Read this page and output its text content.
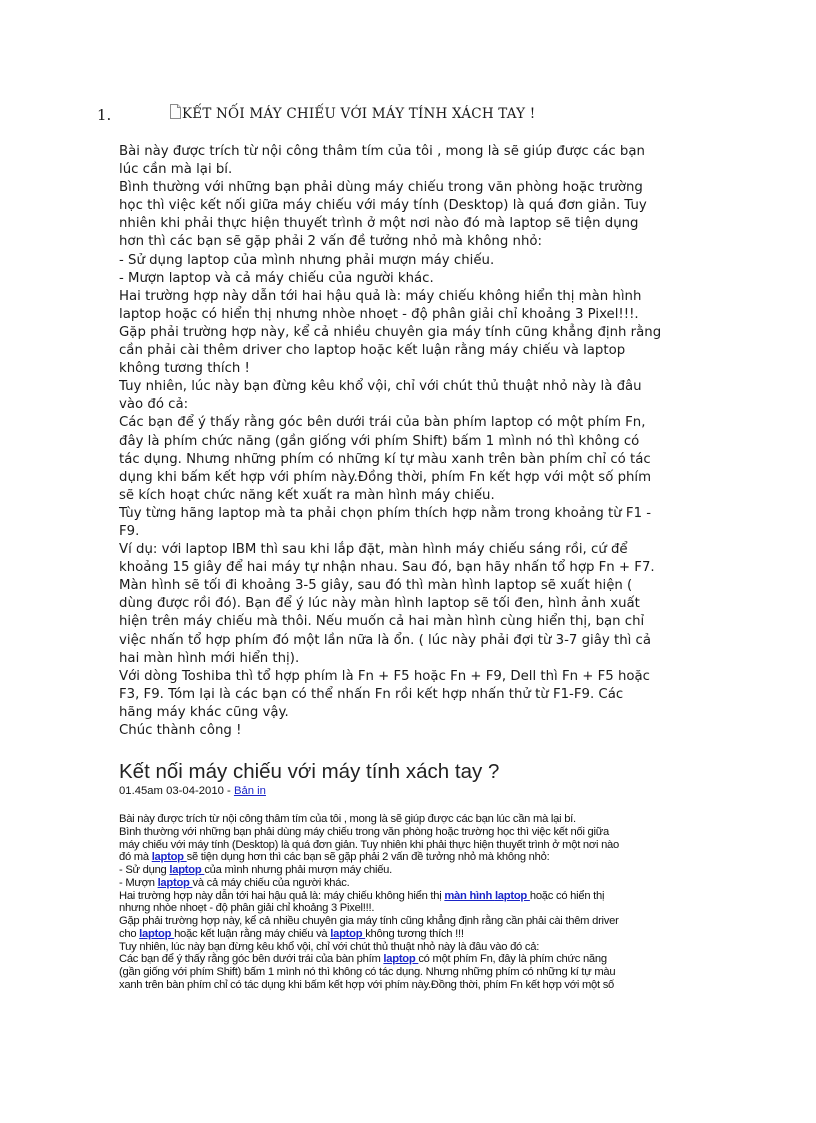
1.	KẾT NỐI MÁY CHIẾU VỚI MÁY TÍNH XÁCH TAY !

Bài này được trích từ nội công thâm tím của tôi , mong là sẽ giúp được các bạn

lúc cần mà lại bí.

Bình thường với những bạn phải dùng máy chiếu trong văn phòng hoặc trường

học thì việc kết nối giữa máy chiếu với máy tính (Desktop) là quá đơn giản. Tuy

nhiên khi phải thực hiện thuyết trình ở một nơi nào đó mà laptop sẽ tiện dụng

hơn thì các bạn sẽ gặp phải 2 vấn đề tưởng nhỏ mà không nhỏ:

- Sử dụng laptop của mình nhưng phải mượn máy chiếu.

- Mượn laptop và cả máy chiếu của người khác.

Hai trường hợp này dẫn tới hai hậu quả là: máy chiếu không hiển thị màn hình

laptop hoặc có hiển thị nhưng nhòe nhoẹt - độ phân giải chỉ khoảng 3 Pixel!!!.

Gặp phải trường hợp này, kể cả nhiều chuyên gia máy tính cũng khẳng định rằng

cần phải cài thêm driver cho laptop hoặc kết luận rằng máy chiếu và laptop

không tương thích !

Tuy nhiên, lúc này bạn đừng kêu khổ vội, chỉ với chút thủ thuật nhỏ này là đâu

vào đó cả:

Các bạn để ý thấy rằng góc bên dưới trái của bàn phím laptop có một phím Fn,

đây là phím chức năng (gần giống với phím Shift) bấm 1 mình nó thì không có

tác dụng. Nhưng những phím có những kí tự màu xanh trên bàn phím chỉ có tác

dụng khi bấm kết hợp với phím này.Đồng thời, phím Fn kết hợp với một số phím

sẽ kích hoạt chức năng kết xuất ra màn hình máy chiếu.

Tùy từng hãng laptop mà ta phải chọn phím thích hợp nằm trong khoảng từ F1 -

F9.

Ví dụ: với laptop IBM thì sau khi lắp đặt, màn hình máy chiếu sáng rồi, cứ để

khoảng 15 giây để hai máy tự nhận nhau. Sau đó, bạn hãy nhấn tổ hợp Fn + F7.

Màn hình sẽ tối đi khoảng 3-5 giây, sau đó thì màn hình laptop sẽ xuất hiện (

dùng được rồi đó). Bạn để ý lúc này màn hình laptop sẽ tối đen, hình ảnh xuất

hiện trên máy chiếu mà thôi. Nếu muốn cả hai màn hình cùng hiển thị, bạn chỉ

việc nhấn tổ hợp phím đó một lần nữa là ổn. ( lúc này phải đợi từ 3-7 giây thì cả

hai màn hình mới hiển thị).

Với dòng Toshiba thì tổ hợp phím là Fn + F5 hoặc Fn + F9, Dell thì Fn + F5 hoặc

F3, F9. Tóm lại là các bạn có thể nhấn Fn rồi kết hợp nhấn thử từ F1-F9. Các

hãng máy khác cũng vậy.

Chúc thành công !

Kết nối máy chiếu với máy tính xách tay ?
01.45am 03-04-2010 - Bản in

Bài này được trích từ nội công thâm tím của tôi , mong là sẽ giúp được các bạn lúc cần mà lại bí.

Bình thường với những bạn phải dùng máy chiếu trong văn phòng hoặc trường học thì việc kết nối giữa

máy chiếu với máy tính (Desktop) là quá đơn giản. Tuy nhiên khi phải thực hiện thuyết trình ở một nơi nào

đó mà laptop sẽ tiện dụng hơn thì các bạn sẽ gặp phải 2 vấn đề tưởng nhỏ mà không nhỏ:

- Sử dụng laptop của mình nhưng phải mượn máy chiếu.

- Mượn laptop và cả máy chiếu của người khác.

Hai trường hợp này dẫn tới hai hậu quả là: máy chiếu không hiển thị màn hình laptop hoặc có hiển thị

nhưng nhòe nhoẹt - độ phân giải chỉ khoảng 3 Pixel!!!.

Gặp phải trường hợp này, kể cả nhiều chuyên gia máy tính cũng khẳng định rằng cần phải cài thêm driver

cho laptop hoặc kết luận rằng máy chiếu và laptop không tương thích !!!

Tuy nhiên, lúc này bạn đừng kêu khổ vội, chỉ với chút thủ thuật nhỏ này là đâu vào đó cả:

Các bạn để ý thấy rằng góc bên dưới trái của bàn phím laptop có một phím Fn, đây là phím chức năng

(gần giống với phím Shift) bấm 1 mình nó thì không có tác dụng. Nhưng những phím có những kí tự màu

xanh trên bàn phím chỉ có tác dụng khi bấm kết hợp với phím này.Đồng thời, phím Fn kết hợp với một số
